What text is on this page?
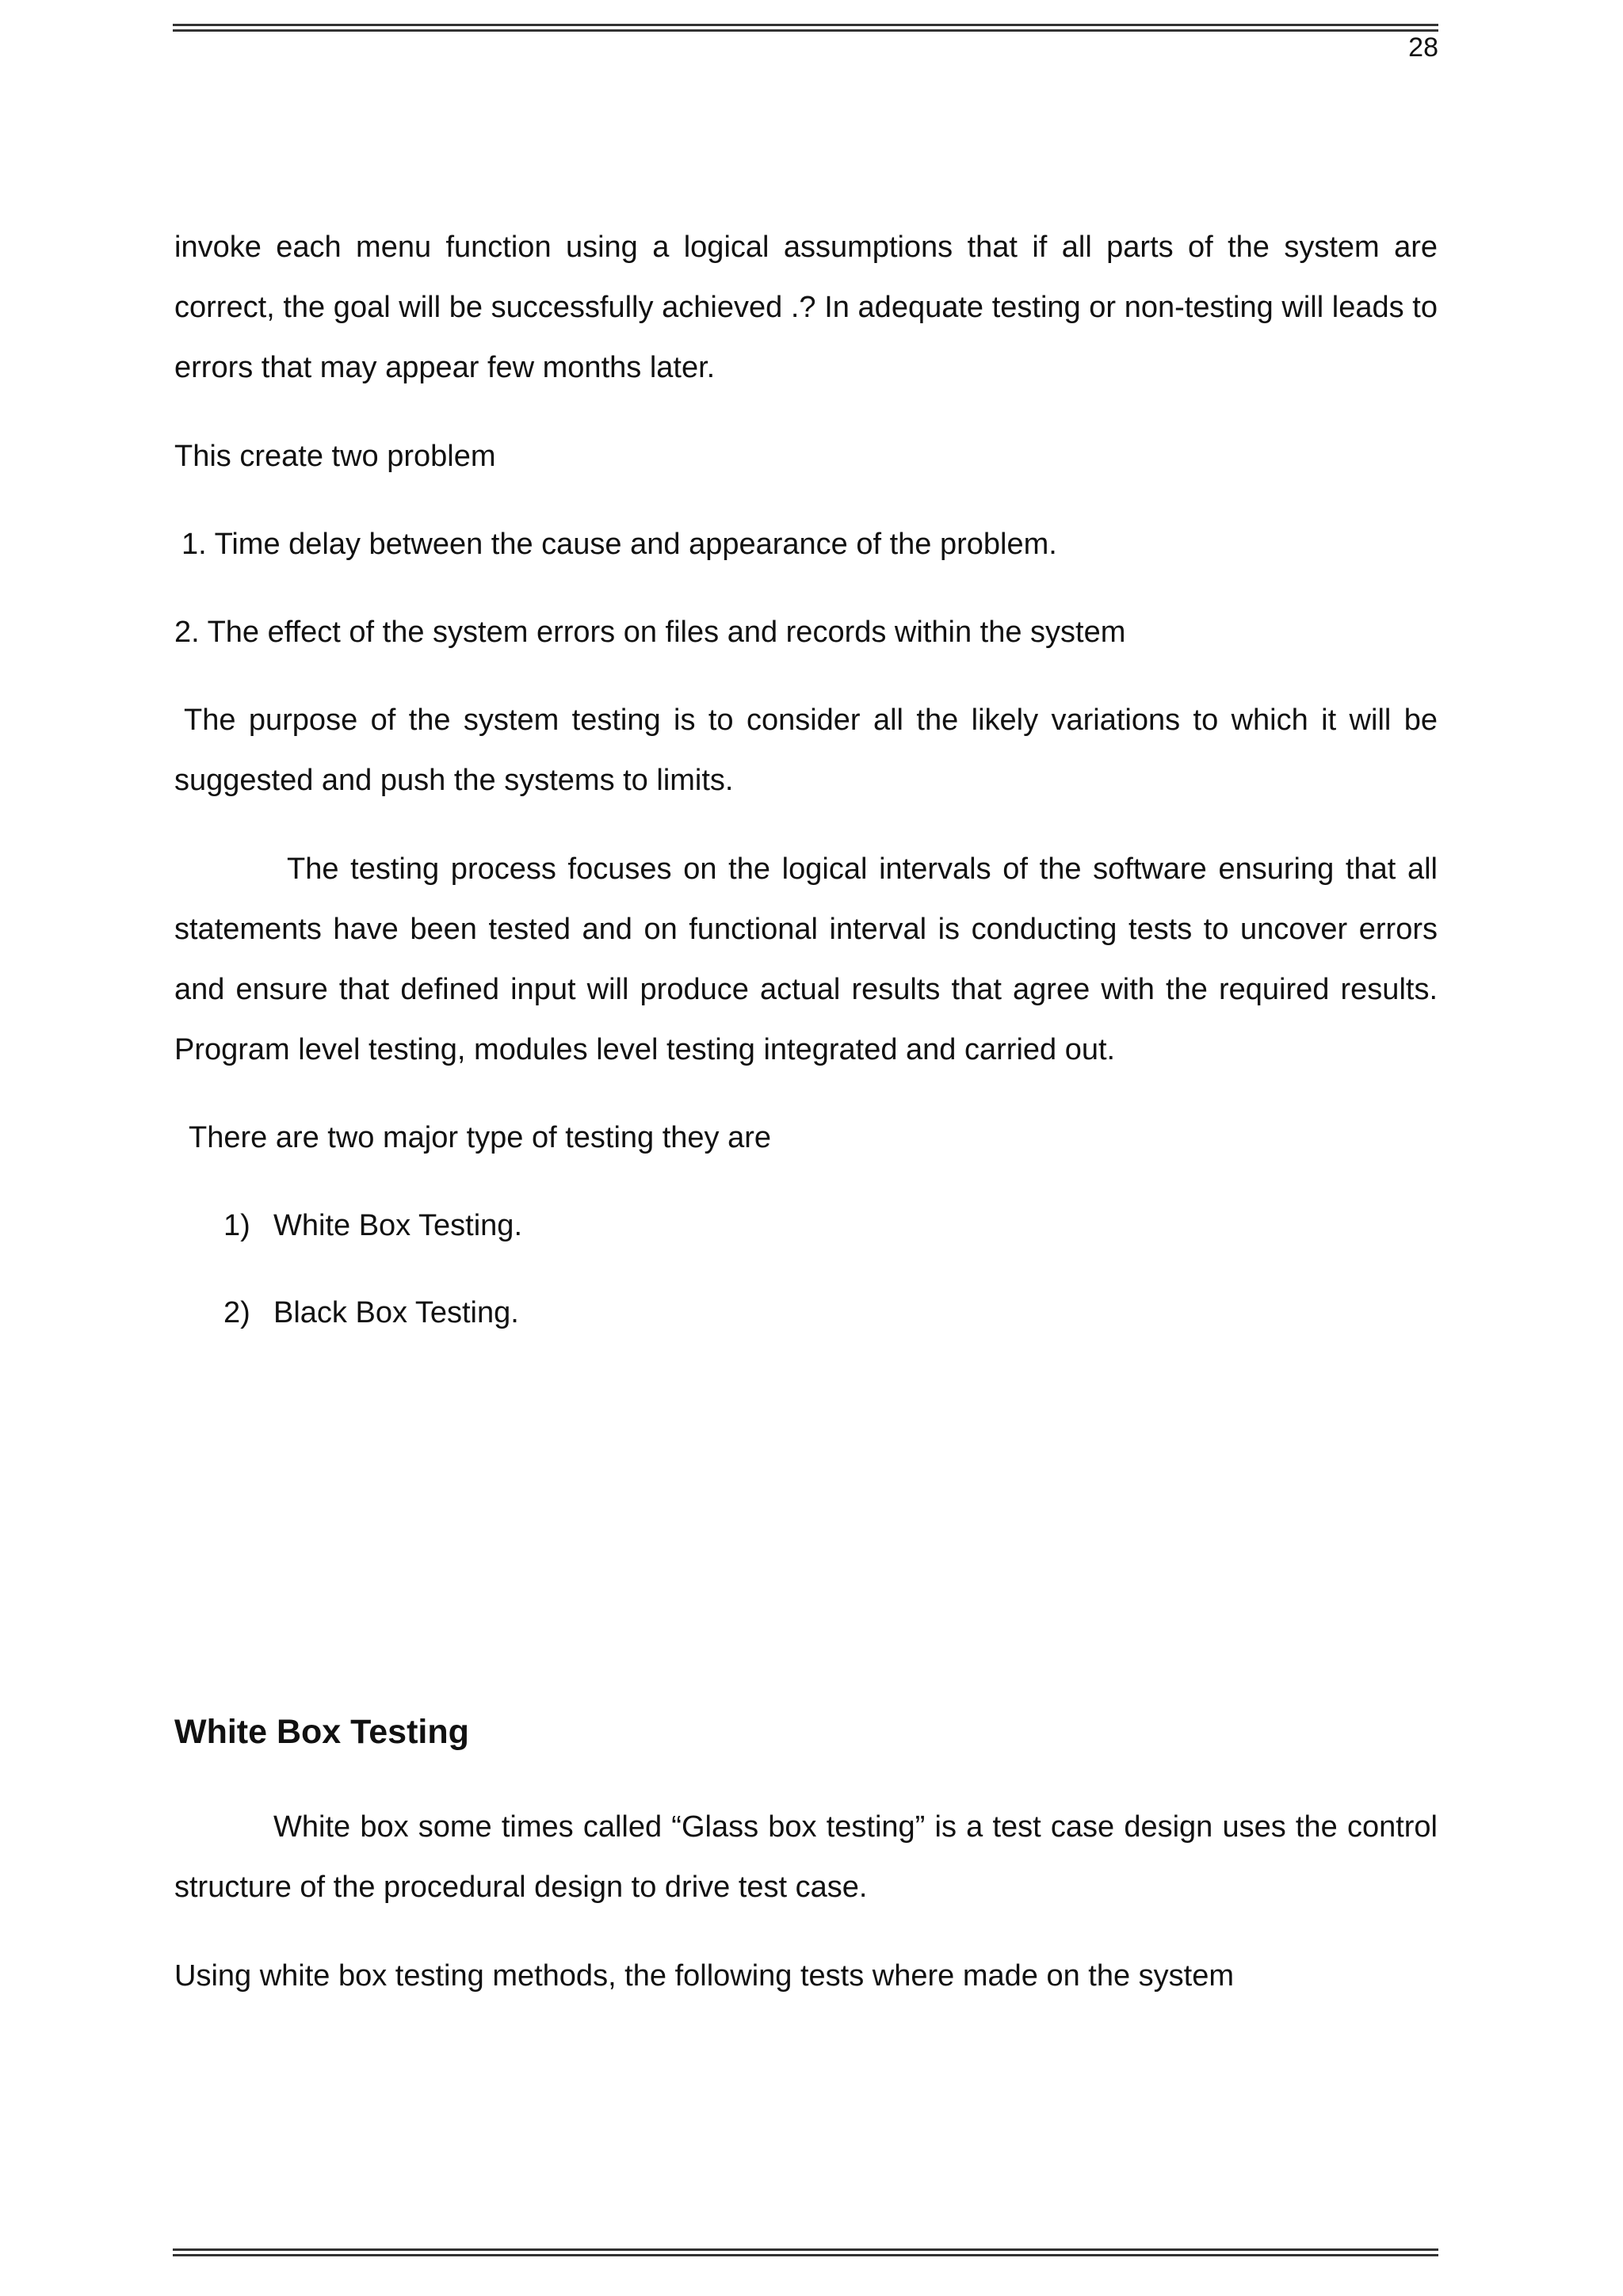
28

invoke each menu function using a logical assumptions that if all parts of the system are correct, the goal will be successfully achieved .? In adequate testing or non-testing will leads to errors that may appear few months later.

This create two problem

1. Time delay between the cause and appearance of the problem.

2. The effect of the system errors on files and records within the system

The purpose of the system testing is to consider all the likely variations to which it will be suggested and push the systems to limits.

The testing process focuses on the logical intervals of the software ensuring that all statements have been tested and on functional interval is conducting tests to uncover errors and ensure that defined input will produce actual results that agree with the required results. Program level testing, modules level testing integrated and carried out.

There are two major type of testing they are

1) White Box Testing.
2) Black Box Testing.
White Box Testing

White box some times called “Glass box testing” is a test case design uses the control structure of the procedural design to drive test case.

Using white box testing methods, the following tests where made on the system
